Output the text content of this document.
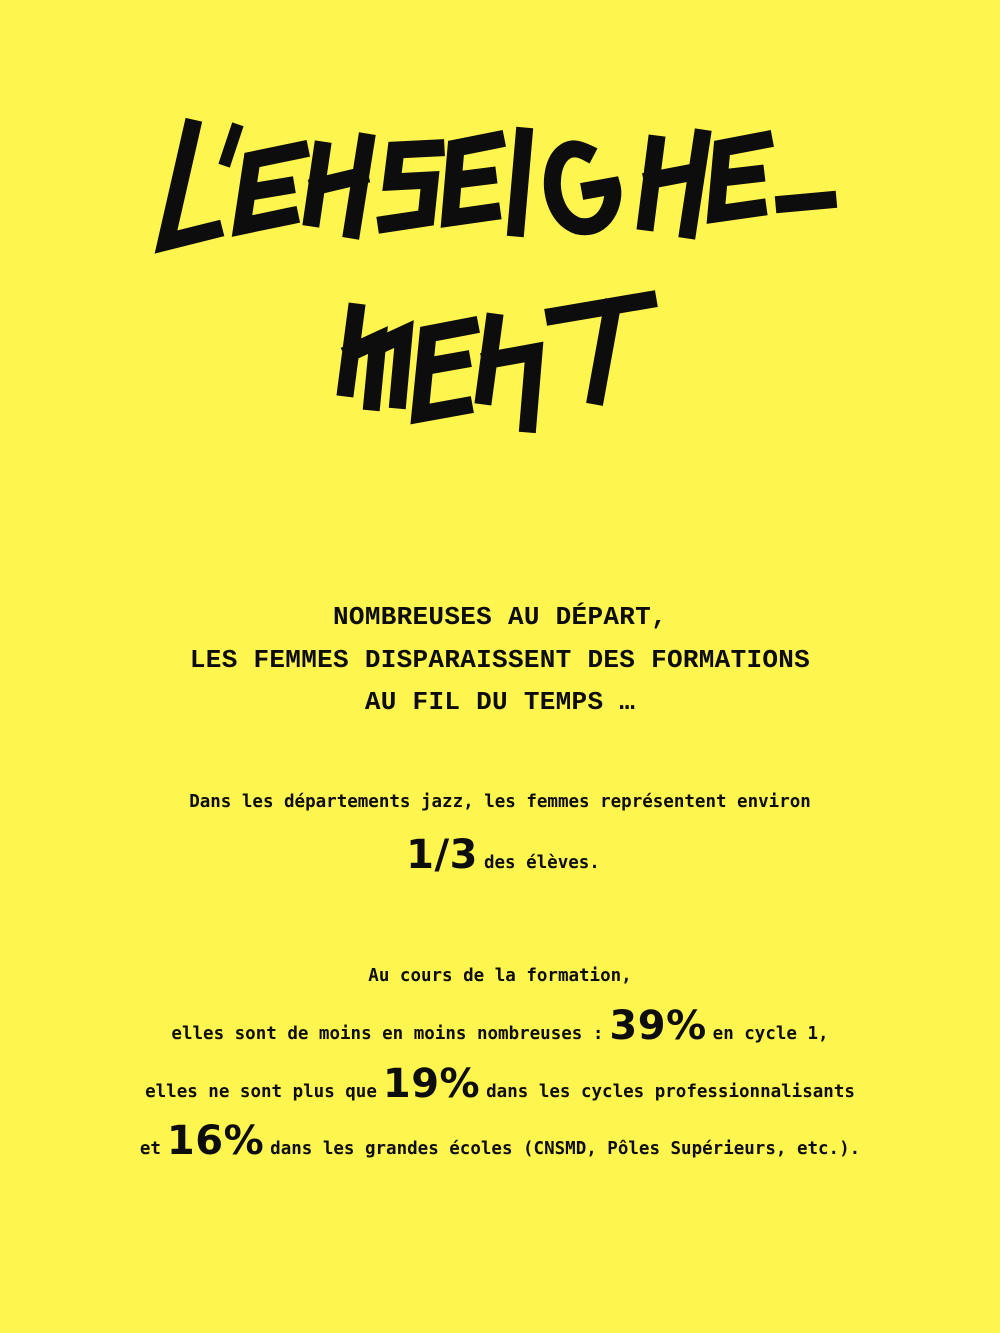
NOMBREUSES AU DÉPART,
LES FEMMES DISPARAISSENT DES FORMATIONS
AU FIL DU TEMPS …
Dans les départements jazz, les femmes représentent environ
1/3 des élèves.
Au cours de la formation,
elles sont de moins en moins nombreuses : 39% en cycle 1,
elles ne sont plus que 19% dans les cycles professionnalisants
et 16% dans les grandes écoles (CNSMD, Pôles Supérieurs, etc.).
